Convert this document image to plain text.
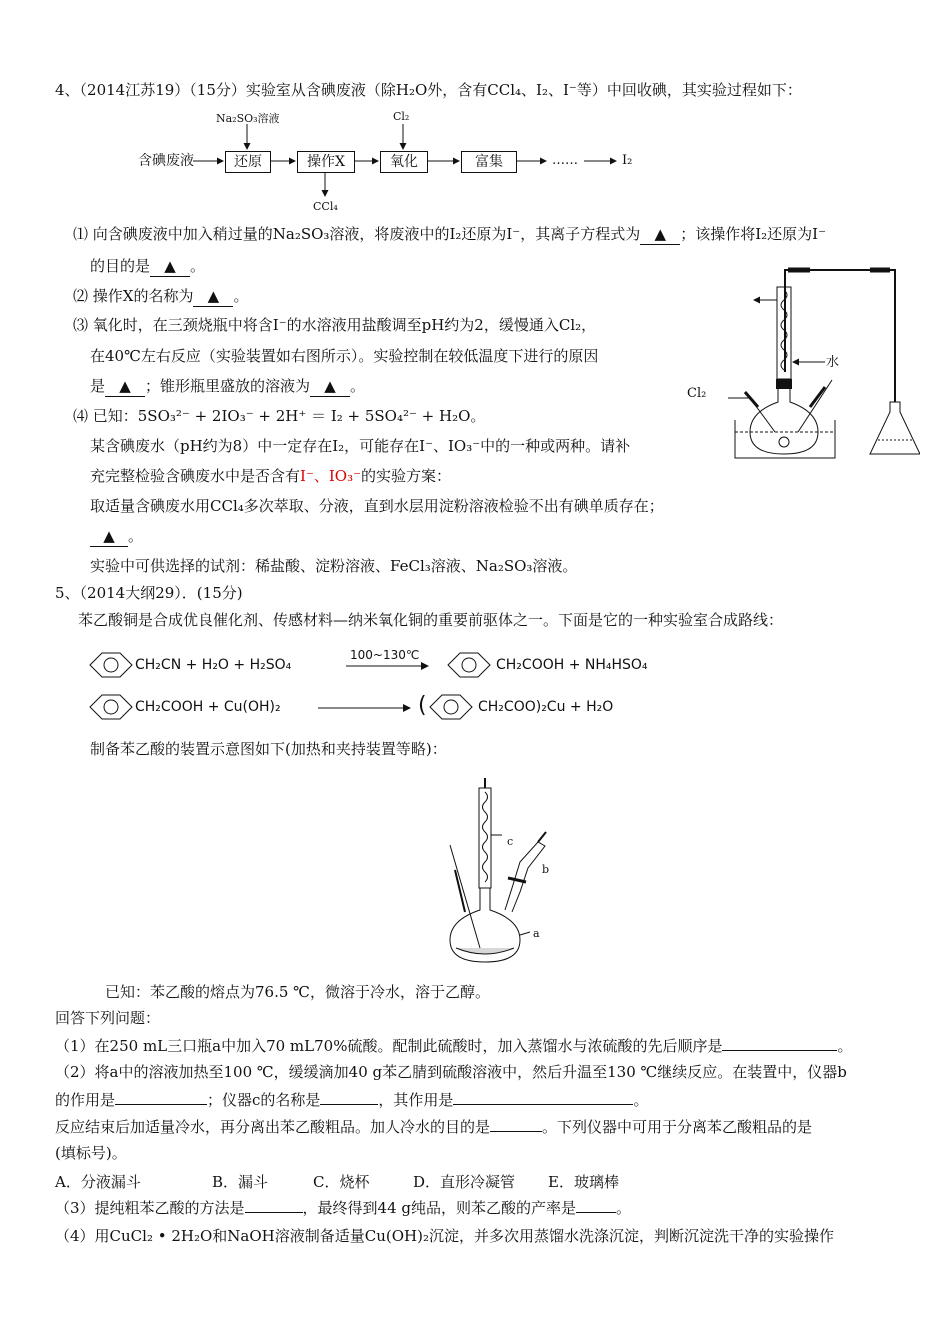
4、（2014江苏19）（15分）实验室从含碘废液（除H₂O外，含有CCl₄、I₂、I⁻等）中回收碘，其实验过程如下：
含碘废液
Na₂SO₃溶液
还原	操作X
CCl₄
Cl₂
氧化	富集	……	I₂
⑴ 向含碘废液中加入稍过量的Na₂SO₃溶液，将废液中的I₂还原为I⁻，其离子方程式为 ▲ ；该操作将I₂还原为I⁻
的目的是 ▲ 。
⑵ 操作X的名称为 ▲ 。
⑶ 氧化时，在三颈烧瓶中将含I⁻的水溶液用盐酸调至pH约为2，缓慢通入Cl₂，
在40℃左右反应（实验装置如右图所示）。实验控制在较低温度下进行的原因
是 ▲ ；锥形瓶里盛放的溶液为 ▲ 。
⑷ 已知：5SO₃²⁻ + 2IO₃⁻ + 2H⁺ ＝ I₂ + 5SO₄²⁻ + H₂O。
某含碘废水（pH约为8）中一定存在I₂，可能存在I⁻、IO₃⁻中的一种或两种。请补
充完整检验含碘废水中是否含有I⁻、IO₃⁻的实验方案：
取适量含碘废水用CCl₄多次萃取、分液，直到水层用淀粉溶液检验不出有碘单质存在；
▲ 。
实验中可供选择的试剂：稀盐酸、淀粉溶液、FeCl₃溶液、Na₂SO₃溶液。
水
Cl₂
5、（2014大纲29）．(15分)
苯乙酸铜是合成优良催化剂、传感材料—纳米氧化铜的重要前驱体之一。下面是它的一种实验室合成路线：
CH₂CN + H₂O + H₂SO₄
100~130℃
CH₂COOH + NH₄HSO₄
CH₂COOH + Cu(OH)₂	(	CH₂COO)₂Cu + H₂O
制备苯乙酸的装置示意图如下(加热和夹持装置等略)：
c
b
a
已知：苯乙酸的熔点为76.5 ℃，微溶于冷水，溶于乙醇。
回答下列问题：
（1）在250 mL三口瓶a中加入70 mL70%硫酸。配制此硫酸时，加入蒸馏水与浓硫酸的先后顺序是	。
（2）将a中的溶液加热至100 ℃，缓缓滴加40 g苯乙腈到硫酸溶液中，然后升温至130 ℃继续反应。在装置中，仪器b
的作用是	；仪器c的名称是	，其作用是	。
反应结束后加适量冷水，再分离出苯乙酸粗品。加人冷水的目的是	。下列仪器中可用于分离苯乙酸粗品的是
(填标号)。
A．分液漏斗	B．漏斗	C．烧杯	D．直形冷凝管 E．玻璃棒
（3）提纯粗苯乙酸的方法是	，最终得到44 g纯品，则苯乙酸的产率是	。
（4）用CuCl₂ • 2H₂O和NaOH溶液制备适量Cu(OH)₂沉淀，并多次用蒸馏水洗涤沉淀，判断沉淀洗干净的实验操作
